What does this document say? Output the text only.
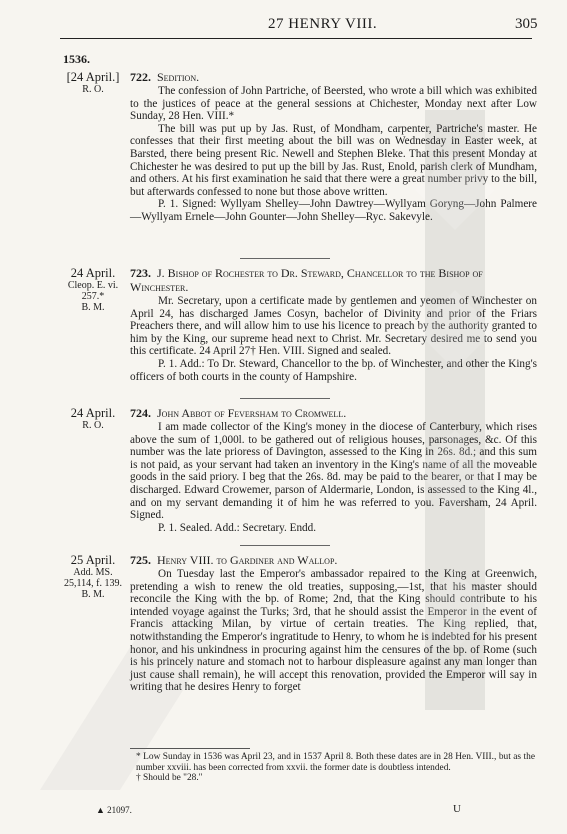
27 HENRY VIII.	305
1536.
[24 April.]
R. O.
722. Sedition.

The confession of John Partriche, of Beersted, who wrote a bill which was exhibited to the justices of peace at the general sessions at Chichester, Monday next after Low Sunday, 28 Hen. VIII.*

The bill was put up by Jas. Rust, of Mondham, carpenter, Partriche's master. He confesses that their first meeting about the bill was on Wednesday in Easter week, at Barsted, there being present Ric. Newell and Stephen Bleke. That this present Monday at Chichester he was desired to put up the bill by Jas. Rust, Enold, parish clerk of Mundham, and others. At his first examination he said that there were a great number privy to the bill, but afterwards confessed to none but those above written.

P. 1. Signed: Wyllyam Shelley—John Dawtrey—Wyllyam Goryng—John Palmere—Wyllyam Ernele—John Gounter—John Shelley—Ryc. Sakevyle.

24 April.
Cleop. E. vi.
257.*
B. M.
723. J. Bishop of Rochester to Dr. Steward, Chancellor to the Bishop of Winchester.

Mr. Secretary, upon a certificate made by gentlemen and yeomen of Winchester on April 24, has discharged James Cosyn, bachelor of Divinity and prior of the Friars Preachers there, and will allow him to use his licence to preach by the authority granted to him by the King, our supreme head next to Christ. Mr. Secretary desired me to send you this certificate. 24 April 27† Hen. VIII. Signed and sealed.

P. 1. Add.: To Dr. Steward, Chancellor to the bp. of Winchester, and other the King's officers of both courts in the county of Hampshire.

24 April.
R. O.
724. John Abbot of Feversham to Cromwell.

I am made collector of the King's money in the diocese of Canterbury, which rises above the sum of 1,000l. to be gathered out of religious houses, parsonages, &c. Of this number was the late prioress of Davington, assessed to the King in 26s. 8d.; and this sum is not paid, as your servant had taken an inventory in the King's name of all the moveable goods in the said priory. I beg that the 26s. 8d. may be paid to the bearer, or that I may be discharged. Edward Crowemer, parson of Aldermarie, London, is assessed to the King 4l., and on my servant demanding it of him he was referred to you. Faversham, 24 April. Signed.

P. 1. Sealed. Add.: Secretary. Endd.

25 April.
Add. MS.
25,114, f. 139.
B. M.
725. Henry VIII. to Gardiner and Wallop.

On Tuesday last the Emperor's ambassador repaired to the King at Greenwich, pretending a wish to renew the old treaties, supposing,—1st, that his master should reconcile the King with the bp. of Rome; 2nd, that the King should contribute to his intended voyage against the Turks; 3rd, that he should assist the Emperor in the event of Francis attacking Milan, by virtue of certain treaties. The King replied, that, notwithstanding the Emperor's ingratitude to Henry, to whom he is indebted for his present honor, and his unkindness in procuring against him the censures of the bp. of Rome (such is his princely nature and stomach not to harbour displeasure against any man longer than just cause shall remain), he will accept this renovation, provided the Emperor will say in writing that he desires Henry to forget

* Low Sunday in 1536 was April 23, and in 1537 April 8. Both these dates are in 28 Hen. VIII., but as the number xxviii. has been corrected from xxvii. the former date is doubtless intended.

† Should be "28."

▲ 21097.	U
